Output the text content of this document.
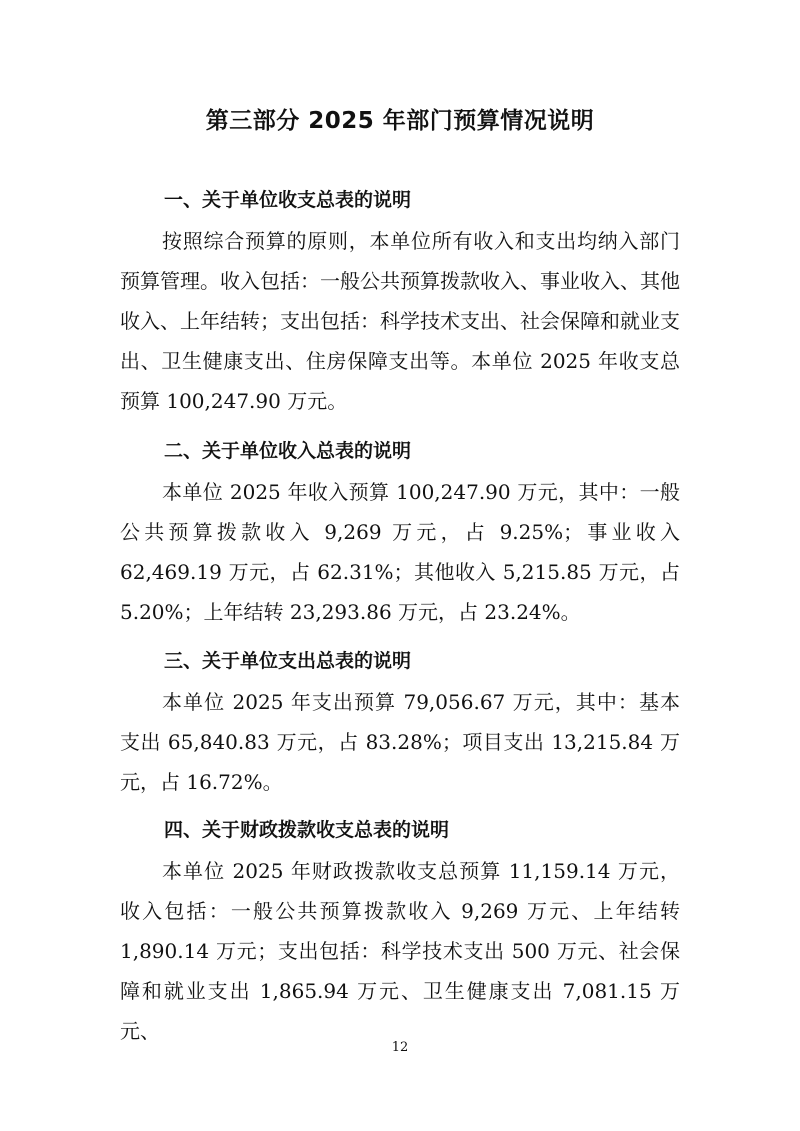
第三部分 2025 年部门预算情况说明
一、关于单位收支总表的说明
按照综合预算的原则，本单位所有收入和支出均纳入部门预算管理。收入包括：一般公共预算拨款收入、事业收入、其他收入、上年结转；支出包括：科学技术支出、社会保障和就业支出、卫生健康支出、住房保障支出等。本单位 2025 年收支总预算 100,247.90 万元。
二、关于单位收入总表的说明
本单位 2025 年收入预算 100,247.90 万元，其中：一般公共预算拨款收入 9,269 万元，占 9.25%；事业收入 62,469.19 万元，占 62.31%；其他收入 5,215.85 万元，占 5.20%；上年结转 23,293.86 万元，占 23.24%。
三、关于单位支出总表的说明
本单位 2025 年支出预算 79,056.67 万元，其中：基本支出 65,840.83 万元，占 83.28%；项目支出 13,215.84 万元，占 16.72%。
四、关于财政拨款收支总表的说明
本单位 2025 年财政拨款收支总预算 11,159.14 万元，收入包括：一般公共预算拨款收入 9,269 万元、上年结转 1,890.14 万元；支出包括：科学技术支出 500 万元、社会保障和就业支出 1,865.94 万元、卫生健康支出 7,081.15 万元、
12
